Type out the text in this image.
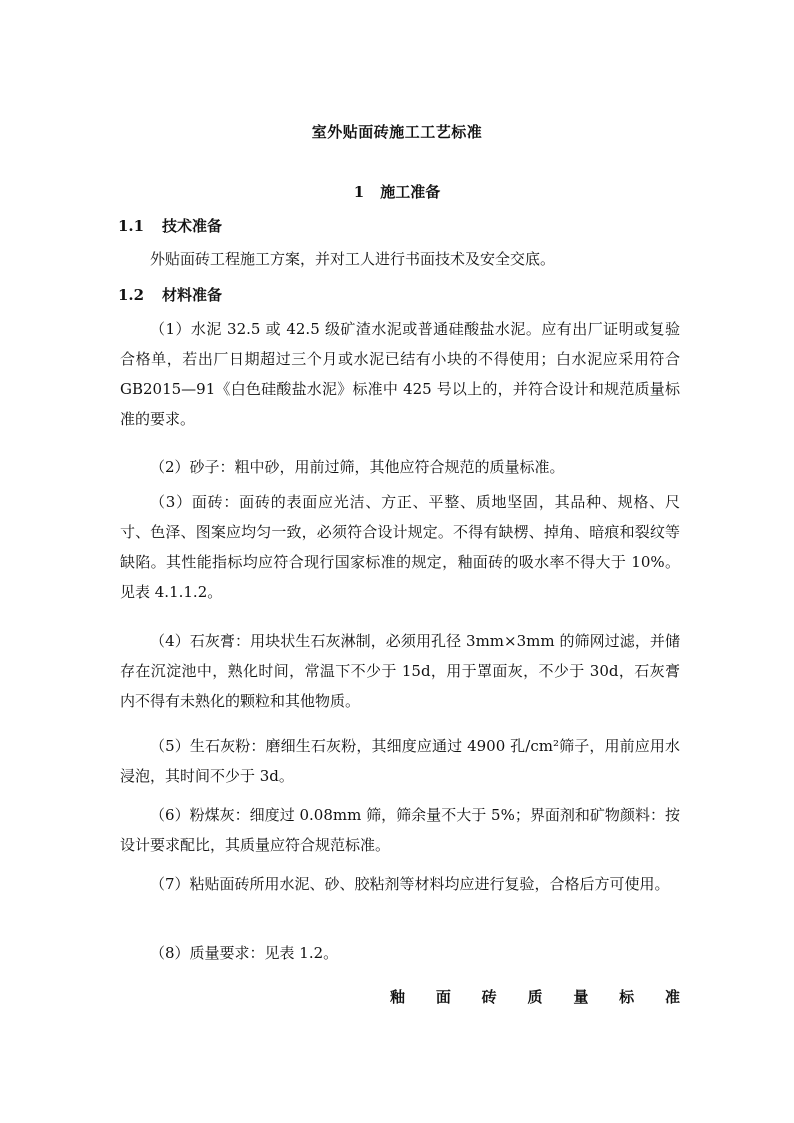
室外贴面砖施工工艺标准
1 施工准备
1.1 技术准备
外贴面砖工程施工方案，并对工人进行书面技术及安全交底。
1.2 材料准备
（1）水泥 32.5 或 42.5 级矿渣水泥或普通硅酸盐水泥。应有出厂证明或复验合格单，若出厂日期超过三个月或水泥已结有小块的不得使用；白水泥应采用符合 GB2015—91《白色硅酸盐水泥》标准中 425 号以上的，并符合设计和规范质量标准的要求。
（2）砂子：粗中砂，用前过筛，其他应符合规范的质量标准。
（3）面砖：面砖的表面应光洁、方正、平整、质地坚固，其品种、规格、尺寸、色泽、图案应均匀一致，必须符合设计规定。不得有缺楞、掉角、暗痕和裂纹等缺陷。其性能指标均应符合现行国家标准的规定，釉面砖的吸水率不得大于 10%。见表 4.1.1.2。
（4）石灰膏：用块状生石灰淋制，必须用孔径 3mm×3mm 的筛网过滤，并储存在沉淀池中，熟化时间，常温下不少于 15d，用于罩面灰，不少于 30d，石灰膏内不得有未熟化的颗粒和其他物质。
（5）生石灰粉：磨细生石灰粉，其细度应通过 4900 孔/cm²筛子，用前应用水浸泡，其时间不少于 3d。
（6）粉煤灰：细度过 0.08mm 筛，筛余量不大于 5%；界面剂和矿物颜料：按设计要求配比，其质量应符合规范标准。
（7）粘贴面砖所用水泥、砂、胶粘剂等材料均应进行复验，合格后方可使用。
（8）质量要求：见表 1.2。
釉 面 砖 质 量 标 准
